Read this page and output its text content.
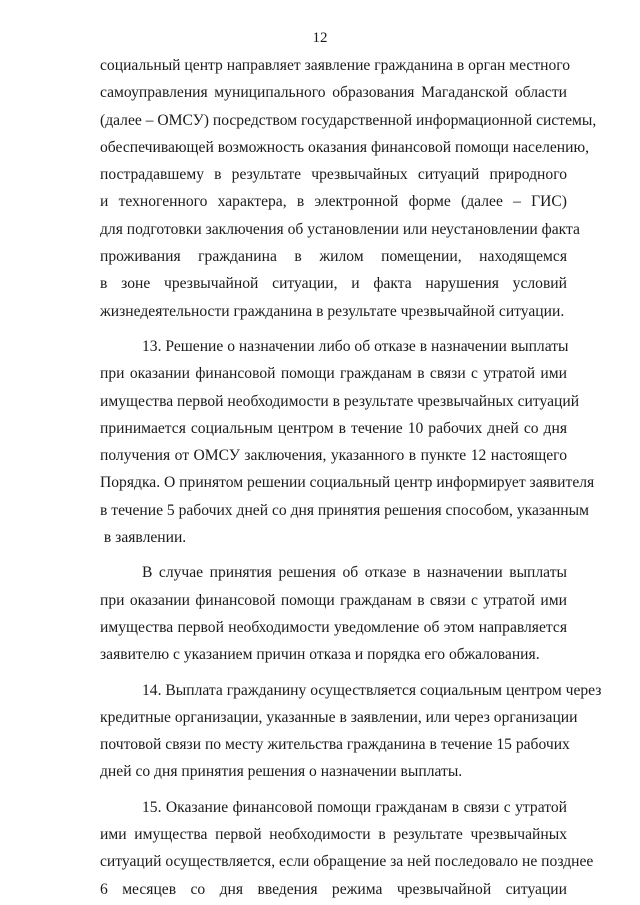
12

социальный центр направляет заявление гражданина в орган местного
самоуправления муниципального образования Магаданской области
(далее – ОМСУ) посредством государственной информационной системы,
обеспечивающей возможность оказания финансовой помощи населению,
пострадавшему в результате чрезвычайных ситуаций природного
и техногенного характера, в электронной форме (далее – ГИС)
для подготовки заключения об установлении или неустановлении факта
проживания гражданина в жилом помещении, находящемся
в зоне чрезвычайной ситуации, и факта нарушения условий
жизнедеятельности гражданина в результате чрезвычайной ситуации.

13. Решение о назначении либо об отказе в назначении выплаты
при оказании финансовой помощи гражданам в связи с утратой ими
имущества первой необходимости в результате чрезвычайных ситуаций
принимается социальным центром в течение 10 рабочих дней со дня
получения от ОМСУ заключения, указанного в пункте 12 настоящего
Порядка. О принятом решении социальный центр информирует заявителя
в течение 5 рабочих дней со дня принятия решения способом, указанным
в заявлении.

В случае принятия решения об отказе в назначении выплаты
при оказании финансовой помощи гражданам в связи с утратой ими
имущества первой необходимости уведомление об этом направляется
заявителю с указанием причин отказа и порядка его обжалования.

14. Выплата гражданину осуществляется социальным центром через
кредитные организации, указанные в заявлении, или через организации
почтовой связи по месту жительства гражданина в течение 15 рабочих
дней со дня принятия решения о назначении выплаты.

15. Оказание финансовой помощи гражданам в связи с утратой
ими имущества первой необходимости в результате чрезвычайных
ситуаций осуществляется, если обращение за ней последовало не позднее
6 месяцев со дня введения режима чрезвычайной ситуации
